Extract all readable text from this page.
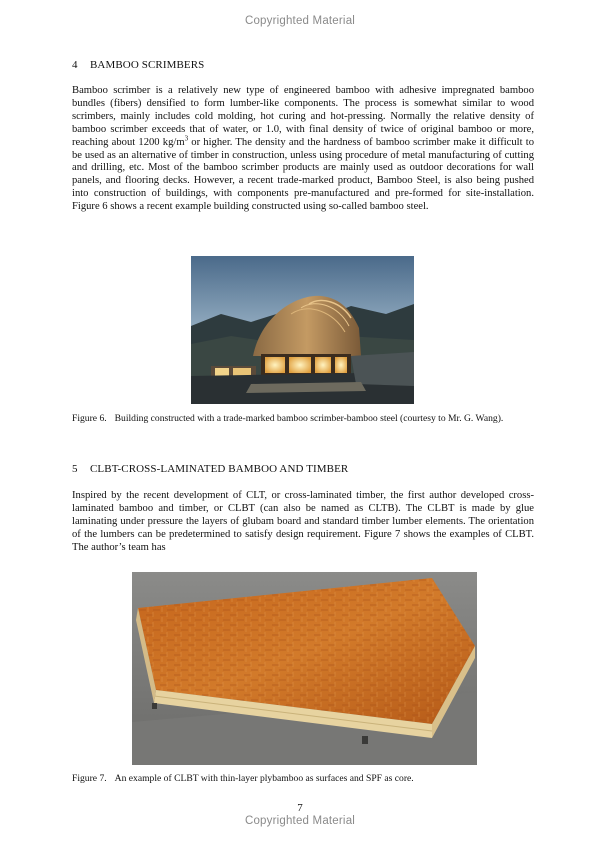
Copyrighted Material
4 BAMBOO SCRIMBERS

Bamboo scrimber is a relatively new type of engineered bamboo with adhesive impregnated bamboo bundles (fibers) densified to form lumber-like components. The process is somewhat similar to wood scrimbers, mainly includes cold molding, hot curing and hot-pressing. Normally the relative density of bamboo scrimber exceeds that of water, or 1.0, with final density of twice of original bamboo or more, reaching about 1200 $kg/m^3$ or higher. The density and the hardness of bamboo scrimber make it difficult to be used as an alternative of timber in construction, unless using procedure of metal manufacturing of cutting and drilling, etc. Most of the bamboo scrimber products are mainly used as outdoor decorations for wall panels, and flooring decks. However, a recent trade-marked product, Bamboo Steel, is also being pushed into construction of buildings, with components pre-manufactured and pre-formed for site-installation. Figure 6 shows a recent example building constructed using so-called bamboo steel.

Figure 6. Building constructed with a trade-marked bamboo scrimber-bamboo steel (courtesy to Mr. G. Wang).

5 CLBT-CROSS-LAMINATED BAMBOO AND TIMBER

Inspired by the recent development of CLT, or cross-laminated timber, the first author developed cross-laminated bamboo and timber, or CLBT (can also be named as CLTB). The CLBT is made by glue laminating under pressure the layers of glubam board and standard timber lumber elements. The orientation of the lumbers can be predetermined to satisfy design requirement. Figure 7 shows the examples of CLBT. The author’s team has

Figure 7. An example of CLBT with thin-layer plybamboo as surfaces and SPF as core.

7
Copyrighted Material
